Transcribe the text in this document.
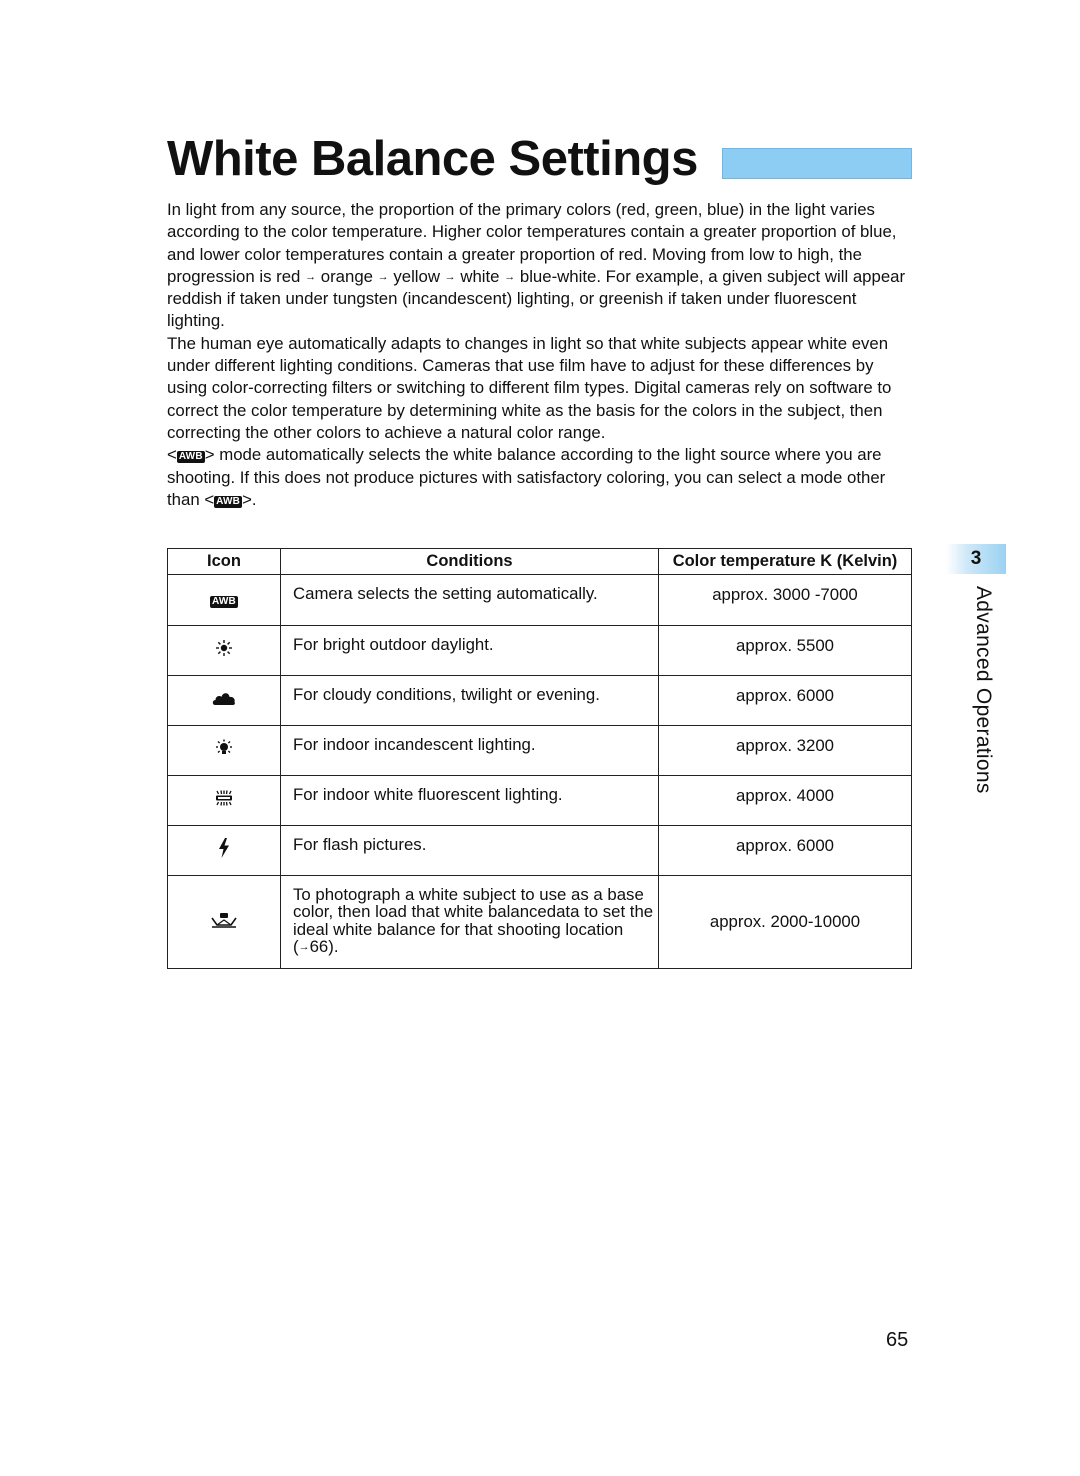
White Balance Settings

In light from any source, the proportion of the primary colors (red, green, blue) in the light varies according to the color temperature. Higher color temperatures contain a greater proportion of blue, and lower color temperatures contain a greater proportion of red. Moving from low to high, the progression is red → orange → yellow → white → blue-white. For example, a given subject will appear reddish if taken under tungsten (incandescent) lighting, or greenish if taken under fluorescent lighting.

The human eye automatically adapts to changes in light so that white subjects appear white even under different lighting conditions. Cameras that use film have to adjust for these differences by using color-correcting filters or switching to different film types. Digital cameras rely on software to correct the color temperature by determining white as the basis for the colors in the subject, then correcting the other colors to achieve a natural color range.

< AWB > mode automatically selects the white balance according to the light source where you are shooting. If this does not produce pictures with satisfactory coloring, you can select a mode other than < AWB >.

Icon	Conditions	Color temperature K (Kelvin)
AWB	Camera selects the setting automatically.	approx. 3000 -7000
	For bright outdoor daylight.	approx. 5500
	For cloudy conditions, twilight or evening.	approx. 6000
	For indoor incandescent lighting.	approx. 3200
	For indoor white fluorescent lighting.	approx. 4000
	For flash pictures.	approx. 6000
	To photograph a white subject to use as a base color, then load that white balancedata to set the ideal white balance for that shooting location (→66).	approx. 2000-10000
3
Advanced Operations
65
